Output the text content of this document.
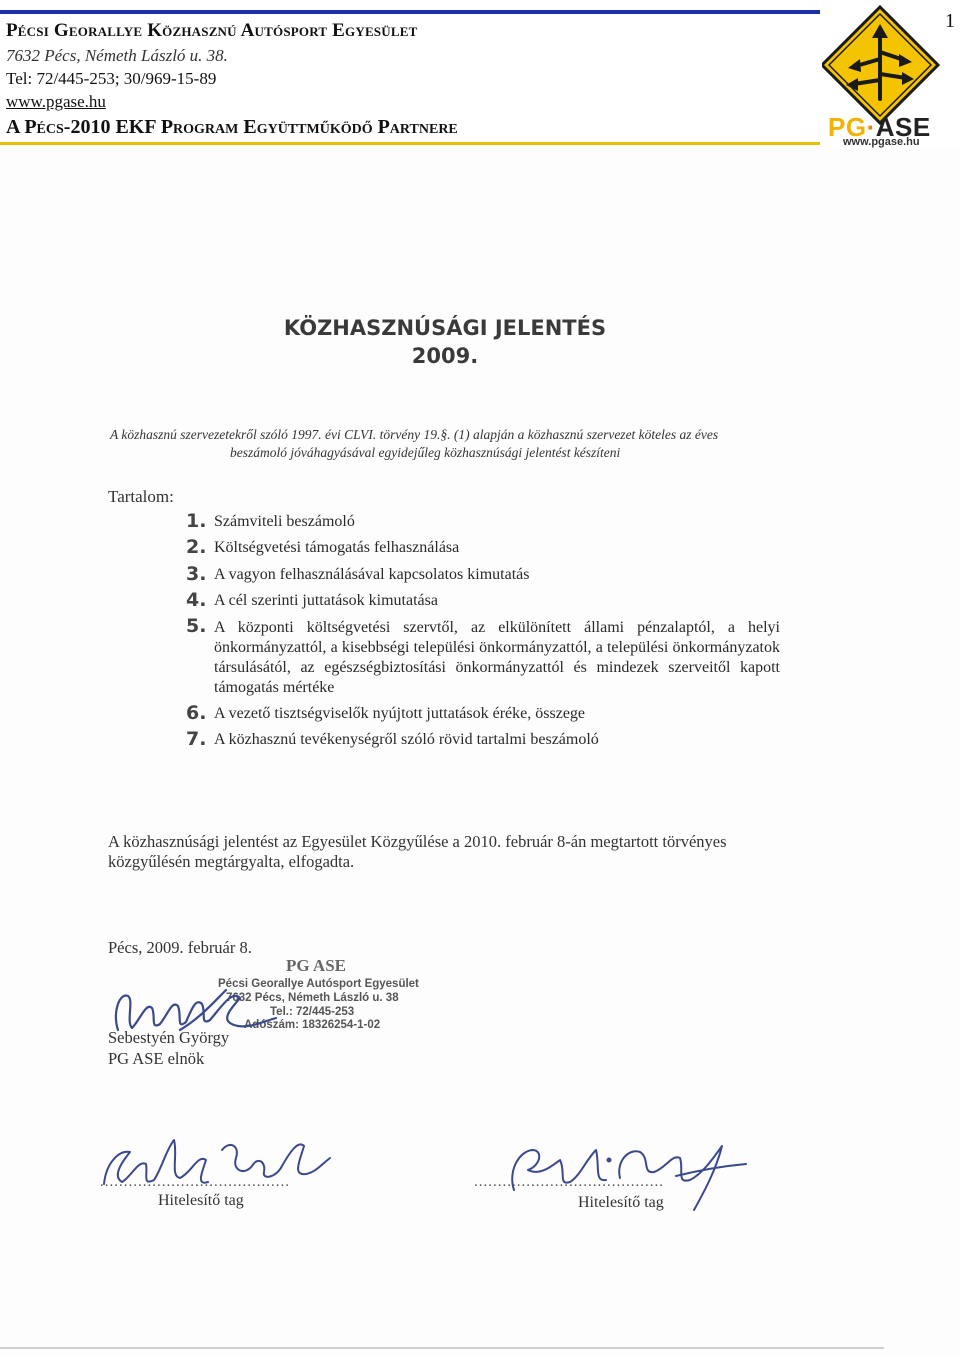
Pécsi Georallye Közhasznú Autósport Egyesület
7632 Pécs, Németh László u. 38.
Tel: 72/445-253; 30/969-15-89
www.pgase.hu
A Pécs-2010 EKF Program Együttműködő Partnere
1
PG·ASE
www.pgase.hu
KÖZHASZNÚSÁGI JELENTÉS
2009.
A közhasznú szervezetekről szóló 1997. évi CLVI. törvény 19.§. (1) alapján a közhasznú szervezet köteles az éves
beszámoló jóváhagyásával egyidejűleg közhasznúsági jelentést készíteni
Tartalom:
1. Számviteli beszámoló
2. Költségvetési támogatás felhasználása
3. A vagyon felhasználásával kapcsolatos kimutatás
4. A cél szerinti juttatások kimutatása
5. A központi költségvetési szervtől, az elkülönített állami pénzalaptól, a helyi önkormányzattól, a kisebbségi települési önkormányzattól, a települési önkormányzatok társulásától, az egészségbiztosítási önkormányzattól és mindezek szerveitől kapott támogatás mértéke
6. A vezető tisztségviselők nyújtott juttatások éréke, összege
7. A közhasznú tevékenységről szóló rövid tartalmi beszámoló
A közhasznúsági jelentést az Egyesület Közgyűlése a 2010. február 8-án megtartott törvényes közgyűlésén megtárgyalta, elfogadta.
Pécs, 2009. február 8.
PG ASE
Pécsi Georallye Autósport Egyesület
7632 Pécs, Németh László u. 38
Tel.: 72/445-253
Adószám: 18326254-1-02
Sebestyén György
PG ASE elnök
........................................	........................................
Hitelesítő tag	Hitelesítő tag
